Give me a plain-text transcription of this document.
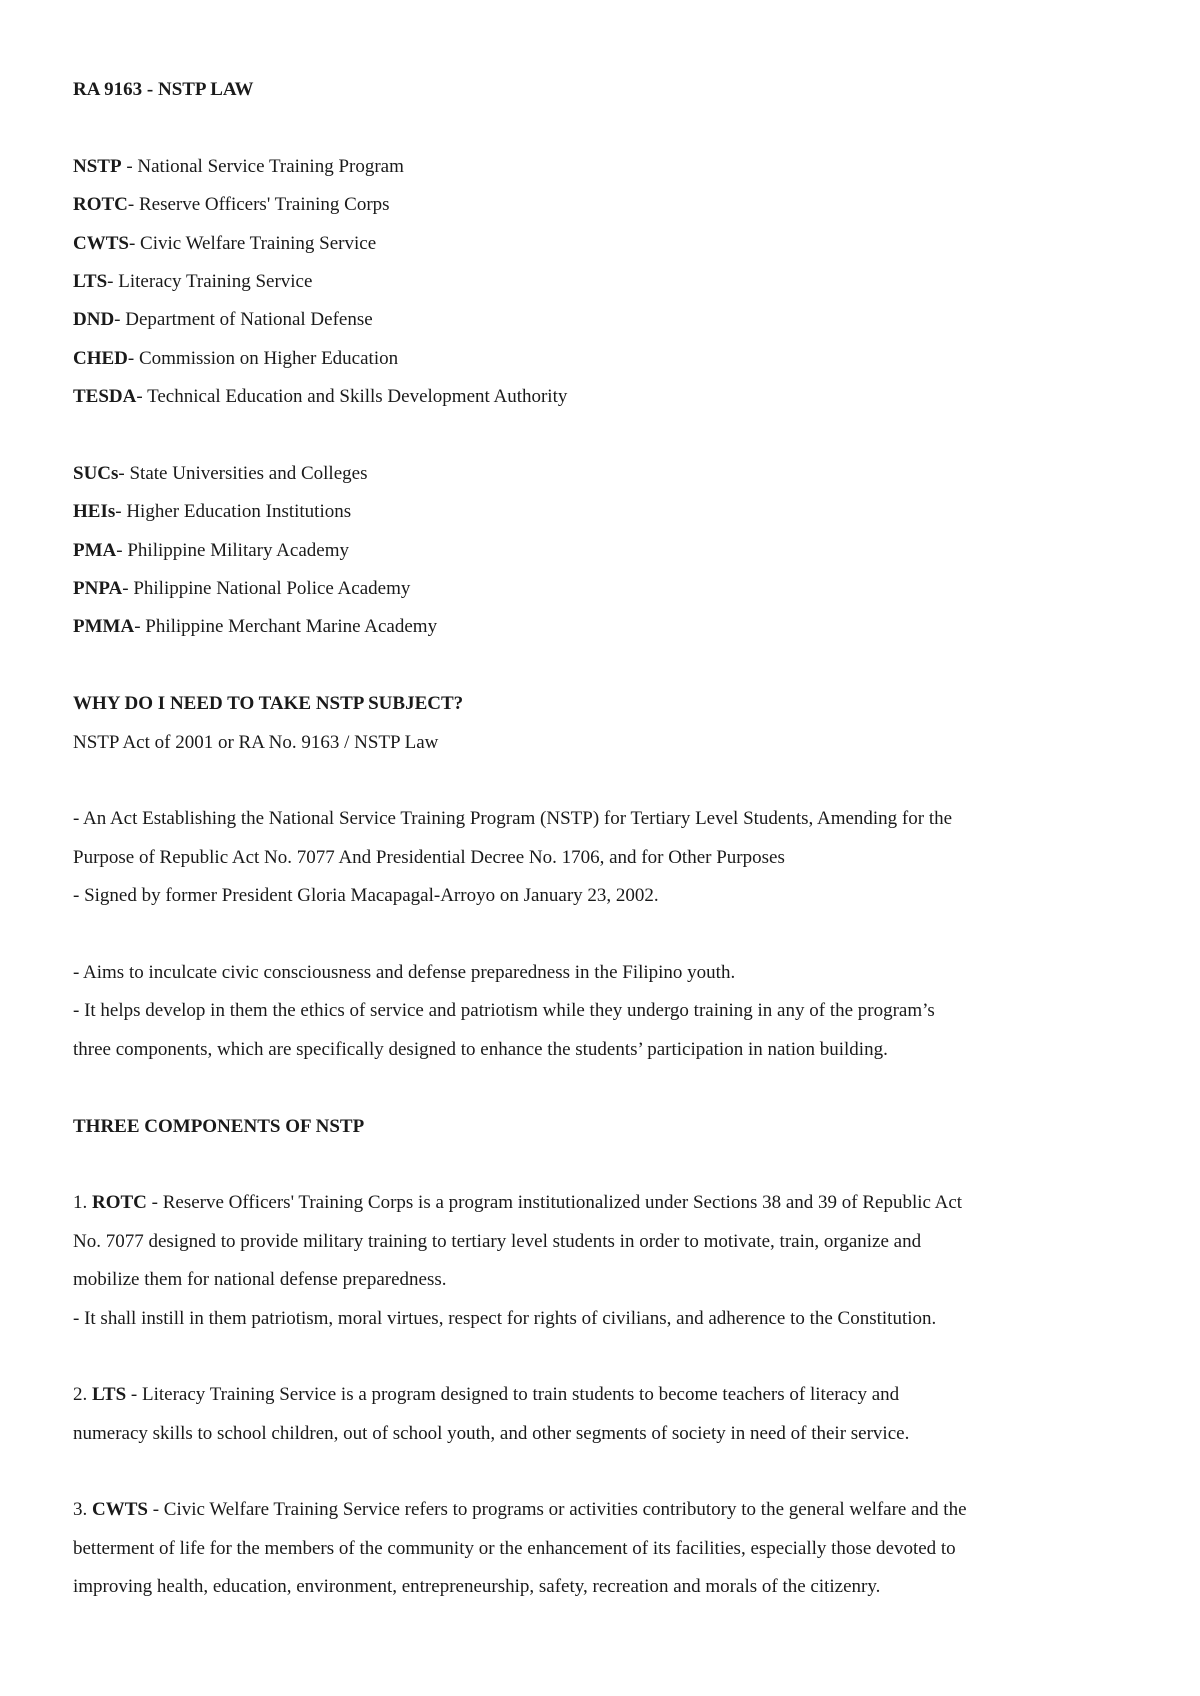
RA 9163 - NSTP LAW
NSTP - National Service Training Program
ROTC- Reserve Officers' Training Corps
CWTS- Civic Welfare Training Service
LTS- Literacy Training Service
DND- Department of National Defense
CHED- Commission on Higher Education
TESDA- Technical Education and Skills Development Authority
SUCs- State Universities and Colleges
HEIs- Higher Education Institutions
PMA- Philippine Military Academy
PNPA- Philippine National Police Academy
PMMA- Philippine Merchant Marine Academy
WHY DO I NEED TO TAKE NSTP SUBJECT?
NSTP Act of 2001 or RA No. 9163 / NSTP Law
- An Act Establishing the National Service Training Program (NSTP) for Tertiary Level Students, Amending for the
Purpose of Republic Act No. 7077 And Presidential Decree No. 1706, and for Other Purposes
- Signed by former President Gloria Macapagal-Arroyo on January 23, 2002.
- Aims to inculcate civic consciousness and defense preparedness in the Filipino youth.
- It helps develop in them the ethics of service and patriotism while they undergo training in any of the program’s
three components, which are specifically designed to enhance the students’ participation in nation building.
THREE COMPONENTS OF NSTP
1. ROTC - Reserve Officers' Training Corps is a program institutionalized under Sections 38 and 39 of Republic Act
No. 7077 designed to provide military training to tertiary level students in order to motivate, train, organize and
mobilize them for national defense preparedness.
- It shall instill in them patriotism, moral virtues, respect for rights of civilians, and adherence to the Constitution.
2. LTS - Literacy Training Service is a program designed to train students to become teachers of literacy and
numeracy skills to school children, out of school youth, and other segments of society in need of their service.
3. CWTS - Civic Welfare Training Service refers to programs or activities contributory to the general welfare and the
betterment of life for the members of the community or the enhancement of its facilities, especially those devoted to
improving health, education, environment, entrepreneurship, safety, recreation and morals of the citizenry.
